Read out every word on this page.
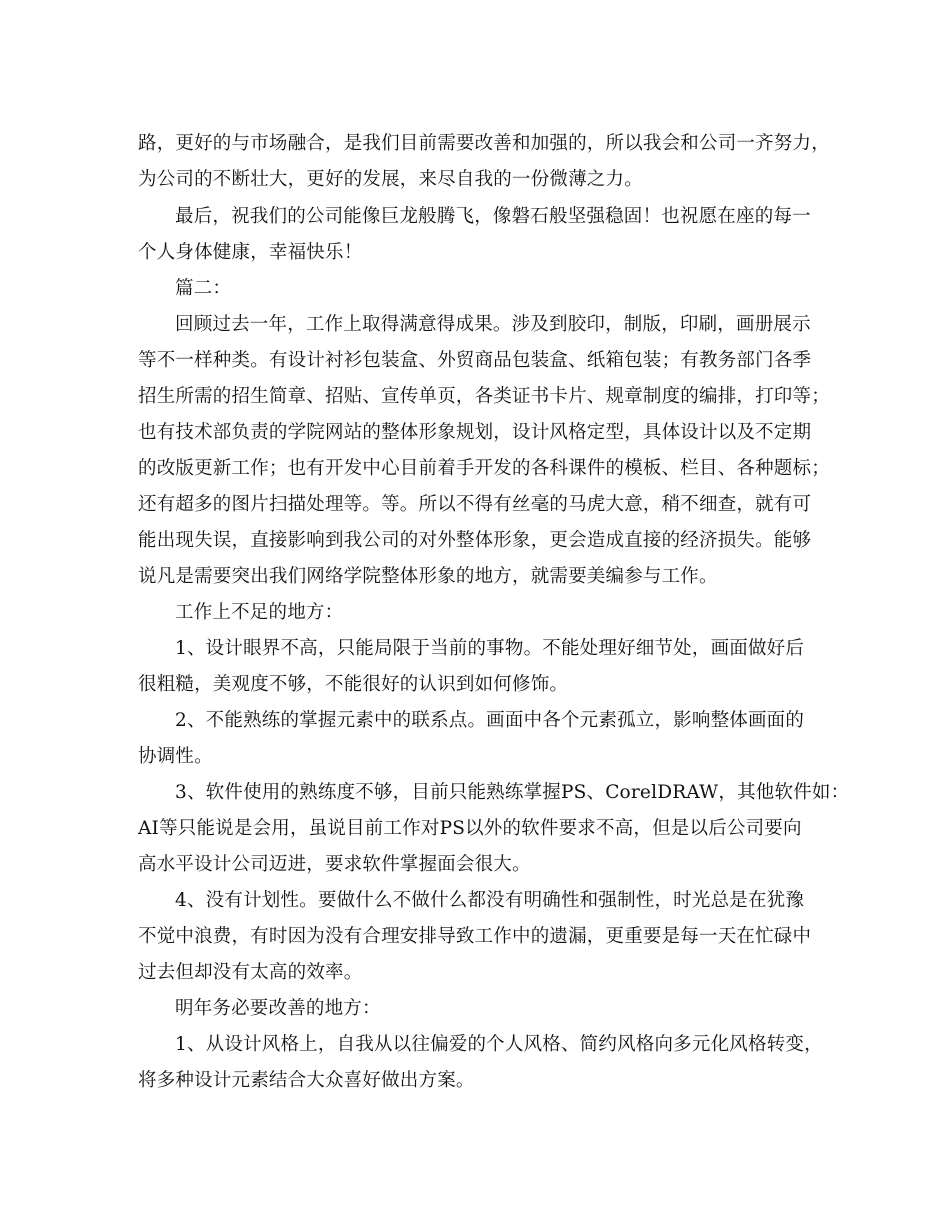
路，更好的与市场融合，是我们目前需要改善和加强的，所以我会和公司一齐努力，
为公司的不断壮大，更好的发展，来尽自我的一份微薄之力。
最后，祝我们的公司能像巨龙般腾飞，像磐石般坚强稳固！也祝愿在座的每一
个人身体健康，幸福快乐！
篇二：
回顾过去一年，工作上取得满意得成果。涉及到胶印，制版，印刷，画册展示
等不一样种类。有设计衬衫包装盒、外贸商品包装盒、纸箱包装；有教务部门各季
招生所需的招生简章、招贴、宣传单页，各类证书卡片、规章制度的编排，打印等；
也有技术部负责的学院网站的整体形象规划，设计风格定型，具体设计以及不定期
的改版更新工作；也有开发中心目前着手开发的各科课件的模板、栏目、各种题标；
还有超多的图片扫描处理等。等。所以不得有丝毫的马虎大意，稍不细查，就有可
能出现失误，直接影响到我公司的对外整体形象，更会造成直接的经济损失。能够
说凡是需要突出我们网络学院整体形象的地方，就需要美编参与工作。
工作上不足的地方：
1、设计眼界不高，只能局限于当前的事物。不能处理好细节处，画面做好后
很粗糙，美观度不够，不能很好的认识到如何修饰。
2、不能熟练的掌握元素中的联系点。画面中各个元素孤立，影响整体画面的
协调性。
3、软件使用的熟练度不够，目前只能熟练掌握PS、CorelDRAW，其他软件如：
AI等只能说是会用，虽说目前工作对PS以外的软件要求不高，但是以后公司要向
高水平设计公司迈进，要求软件掌握面会很大。
4、没有计划性。要做什么不做什么都没有明确性和强制性，时光总是在犹豫
不觉中浪费，有时因为没有合理安排导致工作中的遗漏，更重要是每一天在忙碌中
过去但却没有太高的效率。
明年务必要改善的地方：
1、从设计风格上，自我从以往偏爱的个人风格、简约风格向多元化风格转变，
将多种设计元素结合大众喜好做出方案。
